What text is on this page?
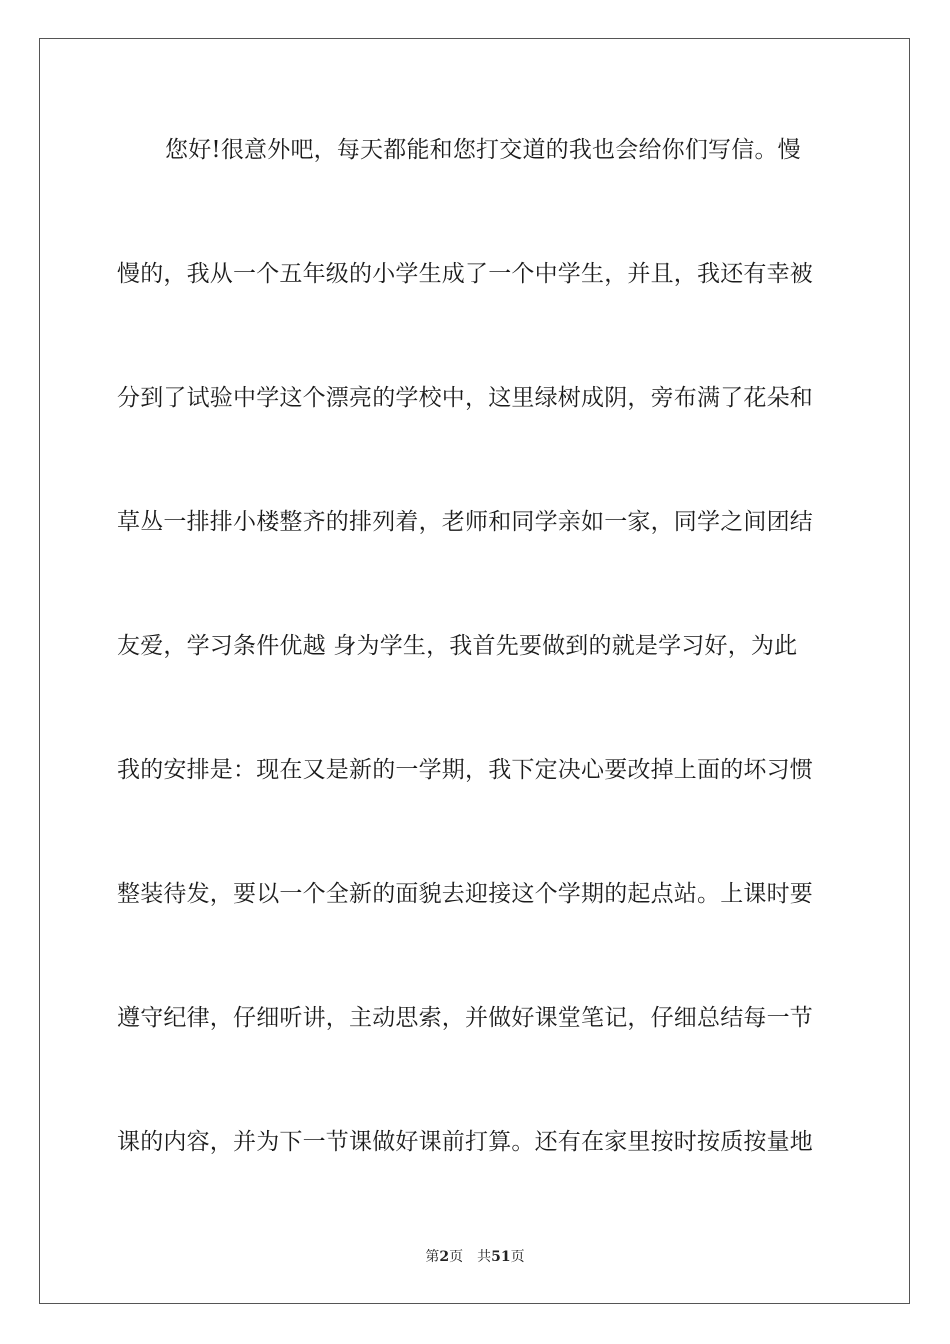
您好!很意外吧，每天都能和您打交道的我也会给你们写信。慢
慢的，我从一个五年级的小学生成了一个中学生，并且，我还有幸被
分到了试验中学这个漂亮的学校中，这里绿树成阴，旁布满了花朵和
草丛一排排小楼整齐的排列着，老师和同学亲如一家，同学之间团结
友爱，学习条件优越 身为学生，我首先要做到的就是学习好，为此
我的安排是：现在又是新的一学期，我下定决心要改掉上面的坏习惯
整装待发，要以一个全新的面貌去迎接这个学期的起点站。上课时要
遵守纪律，仔细听讲，主动思索，并做好课堂笔记，仔细总结每一节
课的内容，并为下一节课做好课前打算。还有在家里按时按质按量地
第2页 共51页
